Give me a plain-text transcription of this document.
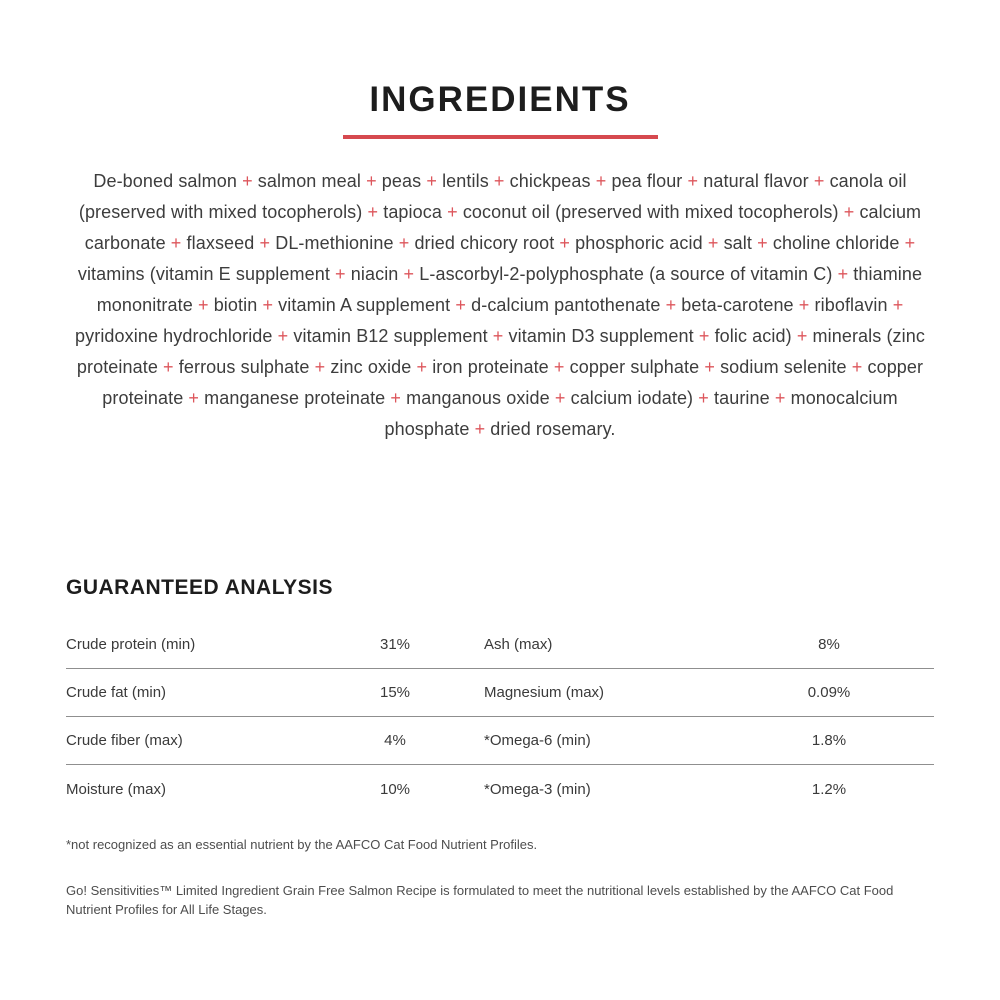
INGREDIENTS

De-boned salmon + salmon meal + peas + lentils + chickpeas + pea flour + natural flavor + canola oil (preserved with mixed tocopherols) + tapioca + coconut oil (preserved with mixed tocopherols) + calcium carbonate + flaxseed + DL-methionine + dried chicory root + phosphoric acid + salt + choline chloride + vitamins (vitamin E supplement + niacin + L-ascorbyl-2-polyphosphate (a source of vitamin C) + thiamine mononitrate + biotin + vitamin A supplement + d-calcium pantothenate + beta-carotene + riboflavin + pyridoxine hydrochloride + vitamin B12 supplement + vitamin D3 supplement + folic acid) + minerals (zinc proteinate + ferrous sulphate + zinc oxide + iron proteinate + copper sulphate + sodium selenite + copper proteinate + manganese proteinate + manganous oxide + calcium iodate) + taurine + monocalcium phosphate + dried rosemary.

GUARANTEED ANALYSIS
Crude protein (min)	31%	Ash (max)	8%
Crude fat (min)	15%	Magnesium (max)	0.09%
Crude fiber (max)	4%	*Omega-6 (min)	1.8%
Moisture (max)	10%	*Omega-3 (min)	1.2%

*not recognized as an essential nutrient by the AAFCO Cat Food Nutrient Profiles.

Go! Sensitivities™ Limited Ingredient Grain Free Salmon Recipe is formulated to meet the nutritional levels established by the AAFCO Cat Food Nutrient Profiles for All Life Stages.
